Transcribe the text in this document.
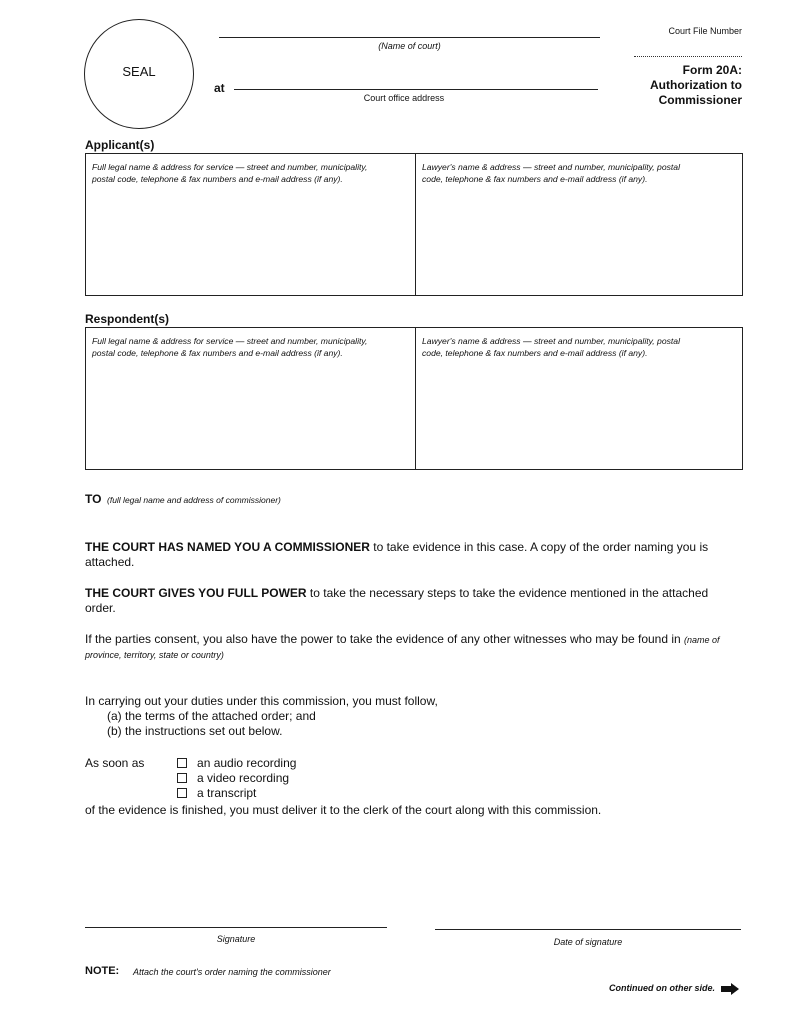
SEAL
(Name of court)
at
Court office address
Court File Number
Form 20A:
Authorization to
Commissioner
Applicant(s)
Full legal name & address for service — street and number, municipality,
postal code, telephone & fax numbers and e-mail address (if any).
Lawyer's name & address — street and number, municipality, postal
code, telephone & fax numbers and e-mail address (if any).
Respondent(s)
Full legal name & address for service — street and number, municipality,
postal code, telephone & fax numbers and e-mail address (if any).
Lawyer's name & address — street and number, municipality, postal
code, telephone & fax numbers and e-mail address (if any).
TO (full legal name and address of commissioner)
THE COURT HAS NAMED YOU A COMMISSIONER to take evidence in this case. A copy of the order naming you is
attached.
THE COURT GIVES YOU FULL POWER to take the necessary steps to take the evidence mentioned in the attached
order.
If the parties consent, you also have the power to take the evidence of any other witnesses who may be found in (name of
province, territory, state or country)
In carrying out your duties under this commission, you must follow,
(a) the terms of the attached order; and
(b) the instructions set out below.
As soon as	an audio recording
a video recording
a transcript
of the evidence is finished, you must deliver it to the clerk of the court along with this commission.
Signature	Date of signature
NOTE: Attach the court's order naming the commissioner
Continued on other side.
